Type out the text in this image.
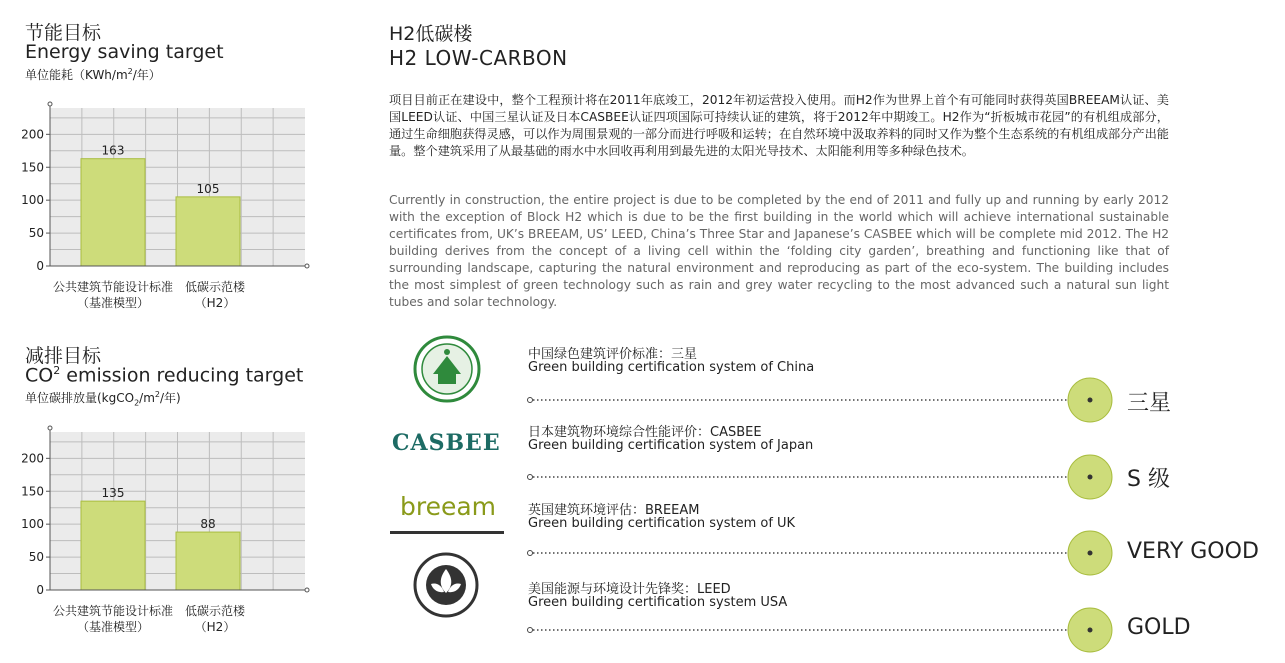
节能目标
Energy saving target
单位能耗（$KWh/m^2/$年）
163
105
0
50
100
150
200
公共建筑节能设计标准
（基准模型）
低碳示范楼
（H2）
减排目标
$CO^2$ emission reducing target
单位碳排放量($kgCO_2/m^2/$年)
135
88
0
50
100
150
200
公共建筑节能设计标准
（基准模型）
低碳示范楼
（H2）
H2低碳楼
H2 LOW-CARBON
项目目前正在建设中，整个工程预计将在2011年底竣工，2012年初运营投入使用。而H2作为世界上首个有可能同时获得英国BREEAM认证、美国LEED认证、中国三星认证及日本CASBEE认证四项国际可持续认证的建筑，将于2012年中期竣工。H2作为“折板城市花园”的有机组成部分，通过生命细胞获得灵感，可以作为周围景观的一部分而进行呼吸和运转；在自然环境中汲取养料的同时又作为整个生态系统的有机组成部分产出能量。整个建筑采用了从最基础的雨水中水回收再利用到最先进的太阳光导技术、太阳能利用等多种绿色技术。
Currently in construction, the entire project is due to be completed by the end of 2011 and fully up and running by early 2012 with the exception of Block H2 which is due to be the first building in the world which will achieve international sustainable certificates from, UK’s BREEAM, US’ LEED, China’s Three Star and Japanese’s CASBEE which will be complete mid 2012. The H2 building derives from the concept of a living cell within the ‘folding city garden’, breathing and functioning like that of surrounding landscape, capturing the natural environment and reproducing as part of the eco-system. The building includes the most simplest of green technology such as rain and grey water recycling to the most advanced such a natural sun light tubes and solar technology.
中国绿色建筑评价标准：三星
Green building certification system of China
CASBEE 日本建筑物环境综合性能评价：CASBEE
Green building certification system of Japan
breeam 英国建筑环境评估：BREEAM
Green building certification system of UK
美国能源与环境设计先锋奖：LEED
Green building certification system USA
三星
S 级
VERY GOOD
GOLD
